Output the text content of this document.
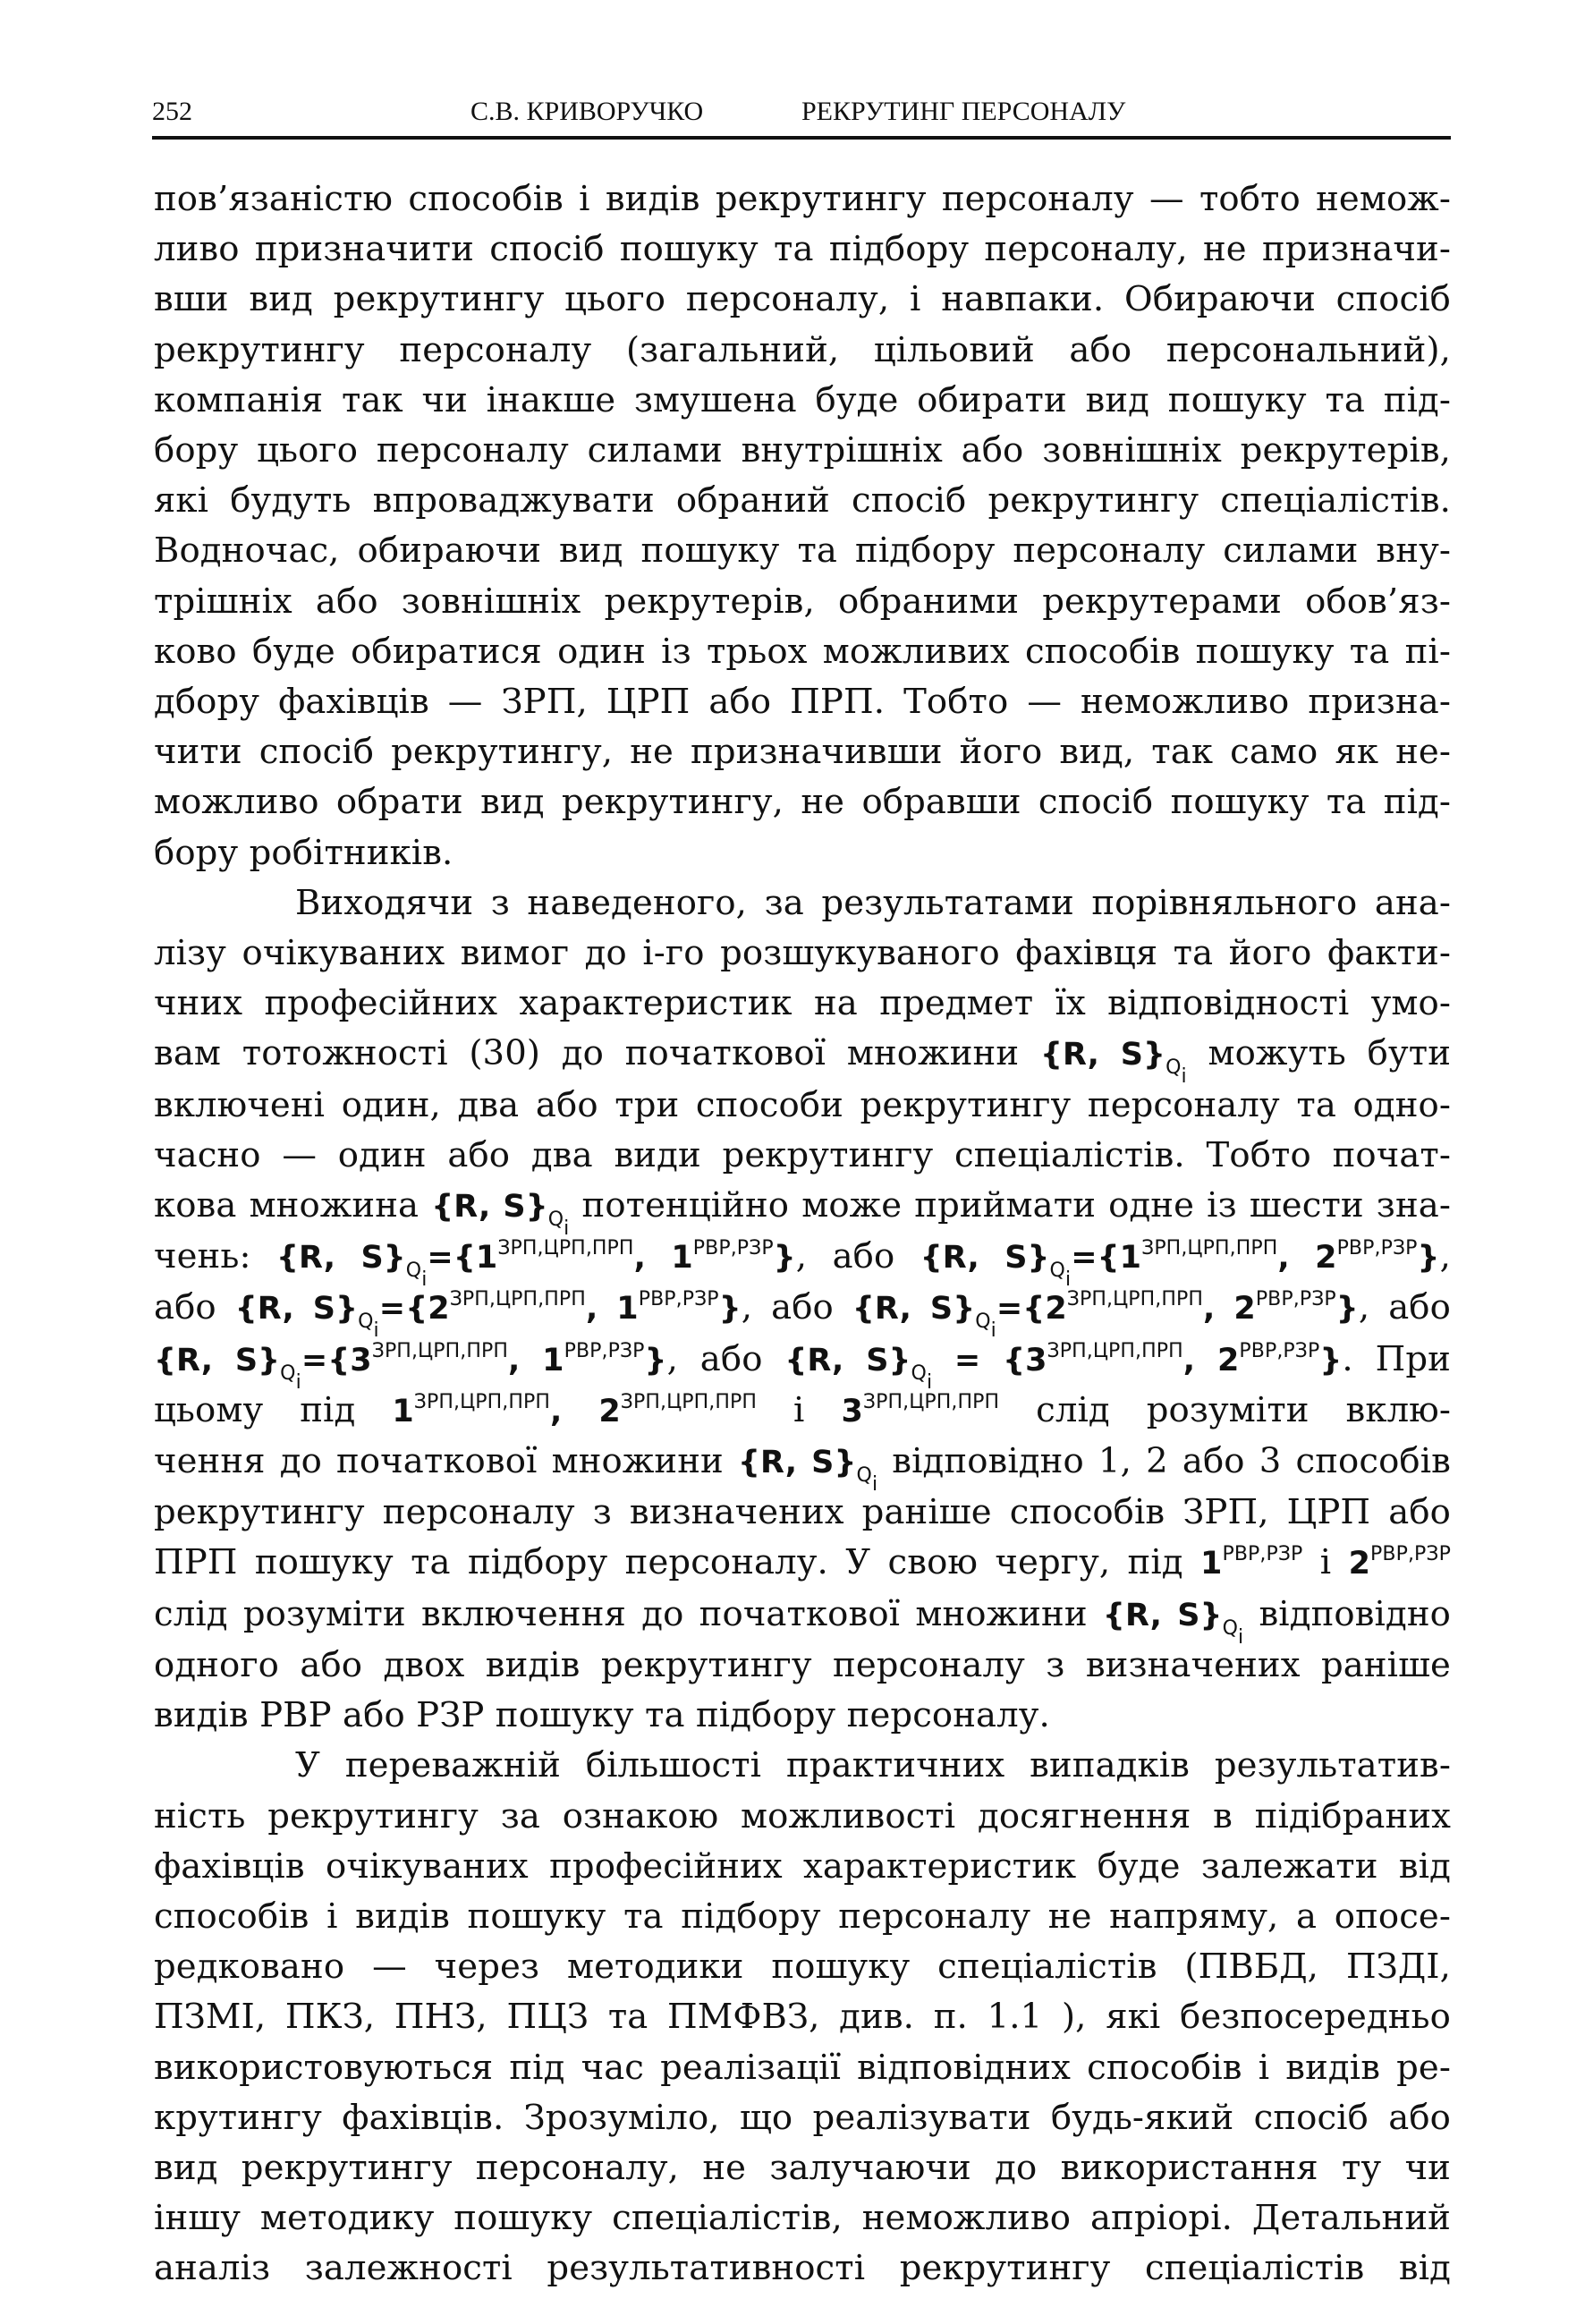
252	С.В. КРИВОРУЧКО	РЕКРУТИНГ ПЕРСОНАЛУ
пов’язаністю способів і видів рекрутингу персоналу — тобто немож-
ливо призначити спосіб пошуку та підбору персоналу, не призначи-
вши вид рекрутингу цього персоналу, і навпаки. Обираючи спосіб
рекрутингу персоналу (загальний, цільовий або персональний),
компанія так чи інакше змушена буде обирати вид пошуку та під-
бору цього персоналу силами внутрішніх або зовнішніх рекрутерів,
які будуть впроваджувати обраний спосіб рекрутингу спеціалістів.
Водночас, обираючи вид пошуку та підбору персоналу силами вну-
трішніх або зовнішніх рекрутерів, обраними рекрутерами обов’яз-
ково буде обиратися один із трьох можливих способів пошуку та пі-
дбору фахівців — ЗРП, ЦРП або ПРП. Тобто — неможливо призна-
чити спосіб рекрутингу, не призначивши його вид, так само як не-
можливо обрати вид рекрутингу, не обравши спосіб пошуку та під-
бору робітників.
Виходячи з наведеного, за результатами порівняльного ана-
лізу очікуваних вимог до і-го розшукуваного фахівця та його факти-
чних професійних характеристик на предмет їх відповідності умо-
вам тотожності (30) до початкової множини {R, $S\}_{Q_i}$ можуть бути
включені один, два або три способи рекрутингу персоналу та одно-
часно — один або два види рекрутингу спеціалістів. Тобто почат-
кова множина {R, $S\}_{Q_i}$ потенційно може приймати одне із шести зна-
чень: {R, $S\}_{Q_i}=\{1^{ЗРП,ЦРП,ПРП}$, $1^{РВР,РЗР}$}, або {R, $S\}_{Q_i}=\{1^{ЗРП,ЦРП,ПРП}$, $2^{РВР,РЗР}$},
або {R, $S\}_{Q_i}=\{2^{ЗРП,ЦРП,ПРП}$, $1^{РВР,РЗР}$}, або {R, $S\}_{Q_i}=\{2^{ЗРП,ЦРП,ПРП}$, $2^{РВР,РЗР}$}, або
{R, $S\}_{Q_i}=\{3^{ЗРП,ЦРП,ПРП}$, $1^{РВР,РЗР}$}, або {R, $S\}_{Q_i} = \{3^{ЗРП,ЦРП,ПРП}$, $2^{РВР,РЗР}$}. При
цьому під $1^{ЗРП,ЦРП,ПРП}$, $2^{ЗРП,ЦРП,ПРП}$ і $3^{ЗРП,ЦРП,ПРП}$ слід розуміти вклю-
чення до початкової множини {R, $S\}_{Q_i}$ відповідно 1, 2 або 3 способів
рекрутингу персоналу з визначених раніше способів ЗРП, ЦРП або
ПРП пошуку та підбору персоналу. У свою чергу, під $1^{РВР,РЗР}$ і $2^{РВР,РЗР}$
слід розуміти включення до початкової множини {R, $S\}_{Q_i}$ відповідно
одного або двох видів рекрутингу персоналу з визначених раніше
видів РВР або РЗР пошуку та підбору персоналу.
У переважній більшості практичних випадків результатив-
ність рекрутингу за ознакою можливості досягнення в підібраних
фахівців очікуваних професійних характеристик буде залежати від
способів і видів пошуку та підбору персоналу не напряму, а опосе-
редковано — через методики пошуку спеціалістів (ПВБД, ПЗДІ,
ПЗМІ, ПКЗ, ПНЗ, ПЦЗ та ПМФВЗ, див. п. 1.1 ), які безпосередньо
використовуються під час реалізації відповідних способів і видів ре-
крутингу фахівців. Зрозуміло, що реалізувати будь-який спосіб або
вид рекрутингу персоналу, не залучаючи до використання ту чи
іншу методику пошуку спеціалістів, неможливо апріорі. Детальний
аналіз залежності результативності рекрутингу спеціалістів від
